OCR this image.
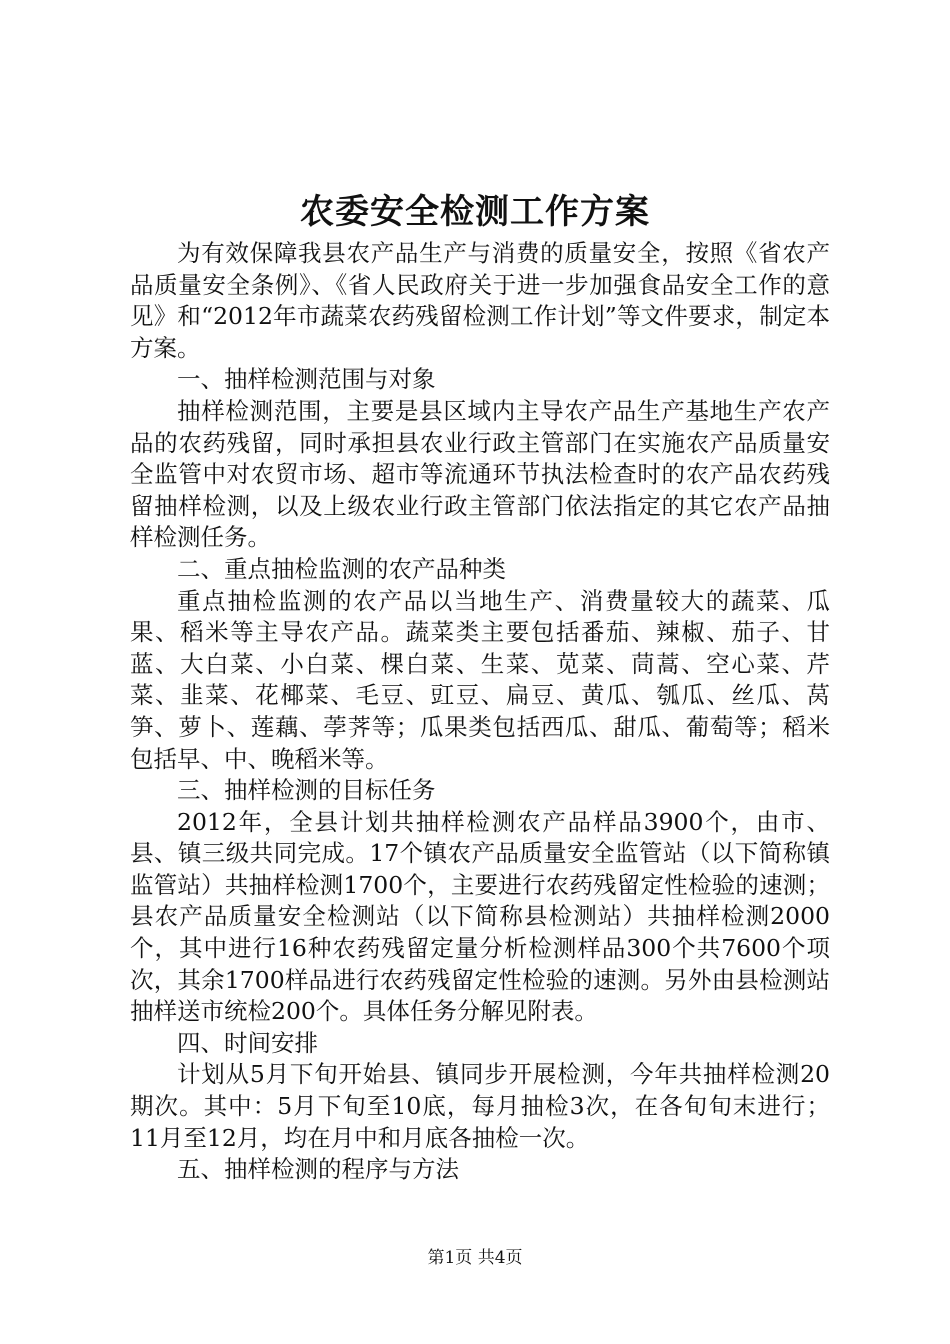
农委安全检测工作方案

为有效保障我县农产品生产与消费的质量安全，按照《省农产品质量安全条例》、《省人民政府关于进一步加强食品安全工作的意见》和“2012年市蔬菜农药残留检测工作计划”等文件要求，制定本方案。

一、抽样检测范围与对象

抽样检测范围，主要是县区域内主导农产品生产基地生产农产品的农药残留，同时承担县农业行政主管部门在实施农产品质量安全监管中对农贸市场、超市等流通环节执法检查时的农产品农药残留抽样检测，以及上级农业行政主管部门依法指定的其它农产品抽样检测任务。

二、重点抽检监测的农产品种类

重点抽检监测的农产品以当地生产、消费量较大的蔬菜、瓜果、稻米等主导农产品。蔬菜类主要包括番茄、辣椒、茄子、甘蓝、大白菜、小白菜、棵白菜、生菜、苋菜、茼蒿、空心菜、芹菜、韭菜、花椰菜、毛豆、豇豆、扁豆、黄瓜、瓠瓜、丝瓜、莴笋、萝卜、莲藕、荸荠等；瓜果类包括西瓜、甜瓜、葡萄等；稻米包括早、中、晚稻米等。

三、抽样检测的目标任务

2012年，全县计划共抽样检测农产品样品3900个，由市、县、镇三级共同完成。17个镇农产品质量安全监管站（以下简称镇监管站）共抽样检测1700个，主要进行农药残留定性检验的速测；县农产品质量安全检测站（以下简称县检测站）共抽样检测2000个，其中进行16种农药残留定量分析检测样品300个共7600个项次，其余1700样品进行农药残留定性检验的速测。另外由县检测站抽样送市统检200个。具体任务分解见附表。

四、时间安排

计划从5月下旬开始县、镇同步开展检测，今年共抽样检测20期次。其中：5月下旬至10底，每月抽检3次，在各旬旬末进行；11月至12月，均在月中和月底各抽检一次。

五、抽样检测的程序与方法

第1页 共4页
